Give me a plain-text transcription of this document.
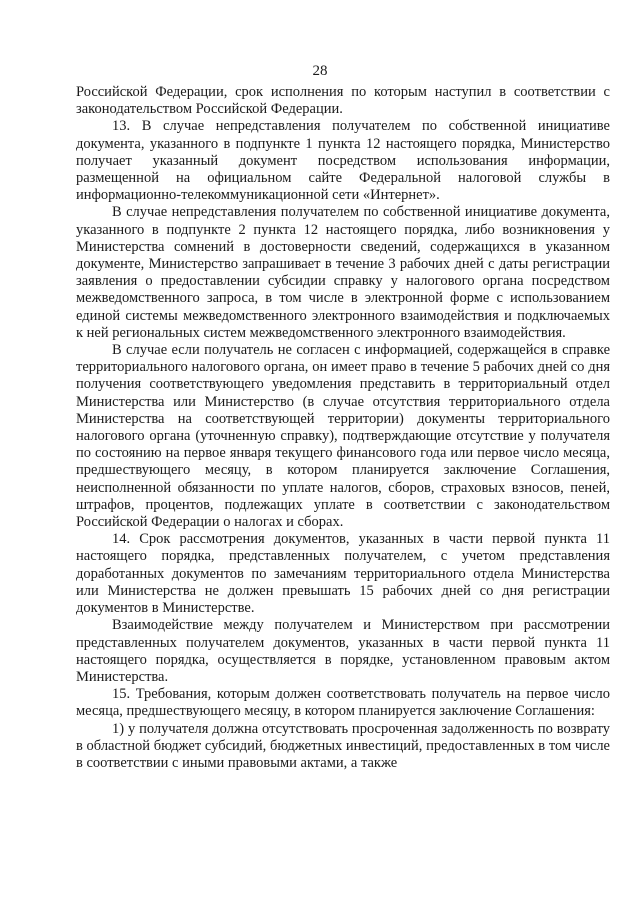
28

Российской Федерации, срок исполнения по которым наступил в соответствии с законодательством Российской Федерации.

13. В случае непредставления получателем по собственной инициативе документа, указанного в подпункте 1 пункта 12 настоящего порядка, Министерство получает указанный документ посредством использования информации, размещенной на официальном сайте Федеральной налоговой службы в информационно-телекоммуникационной сети «Интернет».

В случае непредставления получателем по собственной инициативе документа, указанного в подпункте 2 пункта 12 настоящего порядка, либо возникновения у Министерства сомнений в достоверности сведений, содержащихся в указанном документе, Министерство запрашивает в течение 3 рабочих дней с даты регистрации заявления о предоставлении субсидии справку у налогового органа посредством межведомственного запроса, в том числе в электронной форме с использованием единой системы межведомственного электронного взаимодействия и подключаемых к ней региональных систем межведомственного электронного взаимодействия.

В случае если получатель не согласен с информацией, содержащейся в справке территориального налогового органа, он имеет право в течение 5 рабочих дней со дня получения соответствующего уведомления представить в территориальный отдел Министерства или Министерство (в случае отсутствия территориального отдела Министерства на соответствующей территории) документы территориального налогового органа (уточненную справку), подтверждающие отсутствие у получателя по состоянию на первое января текущего финансового года или первое число месяца, предшествующего месяцу, в котором планируется заключение Соглашения, неисполненной обязанности по уплате налогов, сборов, страховых взносов, пеней, штрафов, процентов, подлежащих уплате в соответствии с законодательством Российской Федерации о налогах и сборах.

14. Срок рассмотрения документов, указанных в части первой пункта 11 настоящего порядка, представленных получателем, с учетом представления доработанных документов по замечаниям территориального отдела Министерства или Министерства не должен превышать 15 рабочих дней со дня регистрации документов в Министерстве.

Взаимодействие между получателем и Министерством при рассмотрении представленных получателем документов, указанных в части первой пункта 11 настоящего порядка, осуществляется в порядке, установленном правовым актом Министерства.

15. Требования, которым должен соответствовать получатель на первое число месяца, предшествующего месяцу, в котором планируется заключение Соглашения:

1) у получателя должна отсутствовать просроченная задолженность по возврату в областной бюджет субсидий, бюджетных инвестиций, предоставленных в том числе в соответствии с иными правовыми актами, а также
